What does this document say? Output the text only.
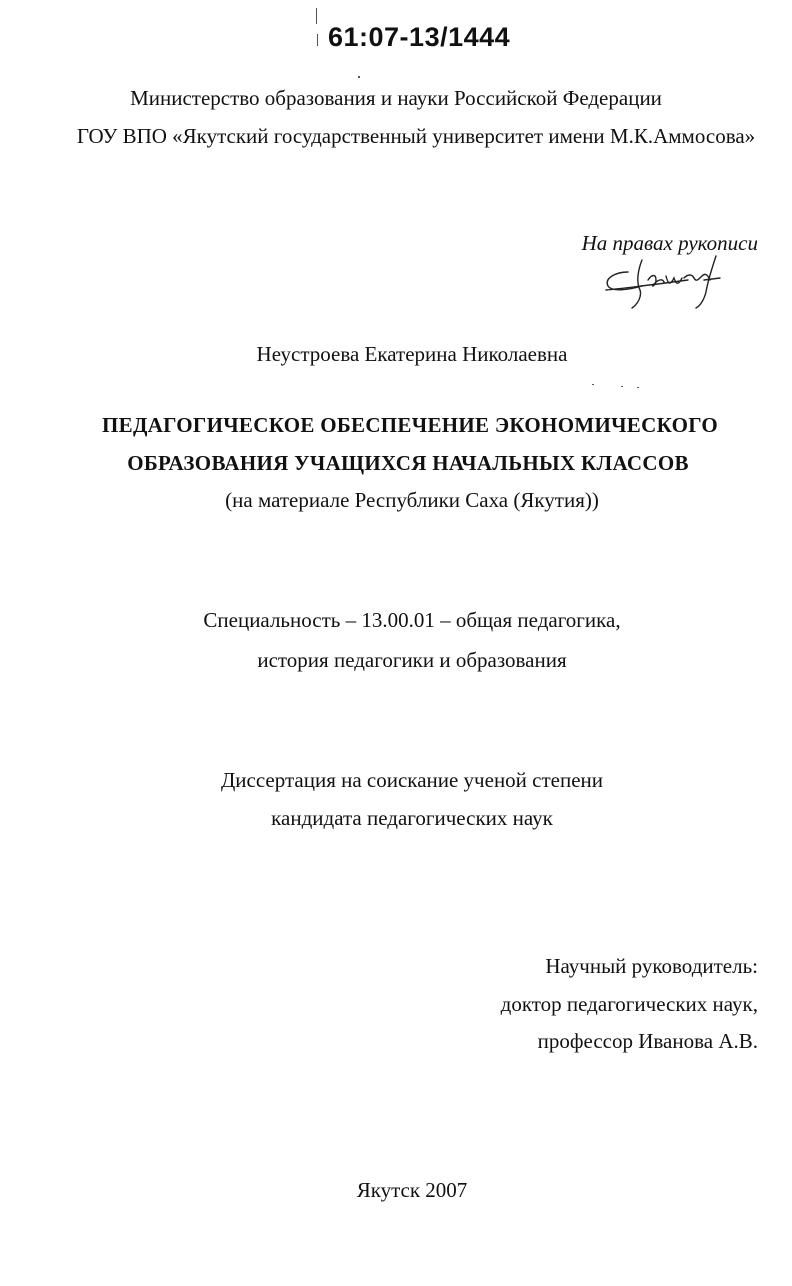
61:07-13/1444
Министерство образования и науки Российской Федерации
ГОУ ВПО «Якутский государственный университет имени М.К.Аммосова»
На правах рукописи
Неустроева Екатерина Николаевна
ПЕДАГОГИЧЕСКОЕ ОБЕСПЕЧЕНИЕ ЭКОНОМИЧЕСКОГО
ОБРАЗОВАНИЯ УЧАЩИХСЯ НАЧАЛЬНЫХ КЛАССОВ
(на материале Республики Саха (Якутия))
Специальность – 13.00.01 – общая педагогика,
история педагогики и образования
Диссертация на соискание ученой степени
кандидата педагогических наук
Научный руководитель:
доктор педагогических наук,
профессор Иванова А.В.
Якутск 2007
